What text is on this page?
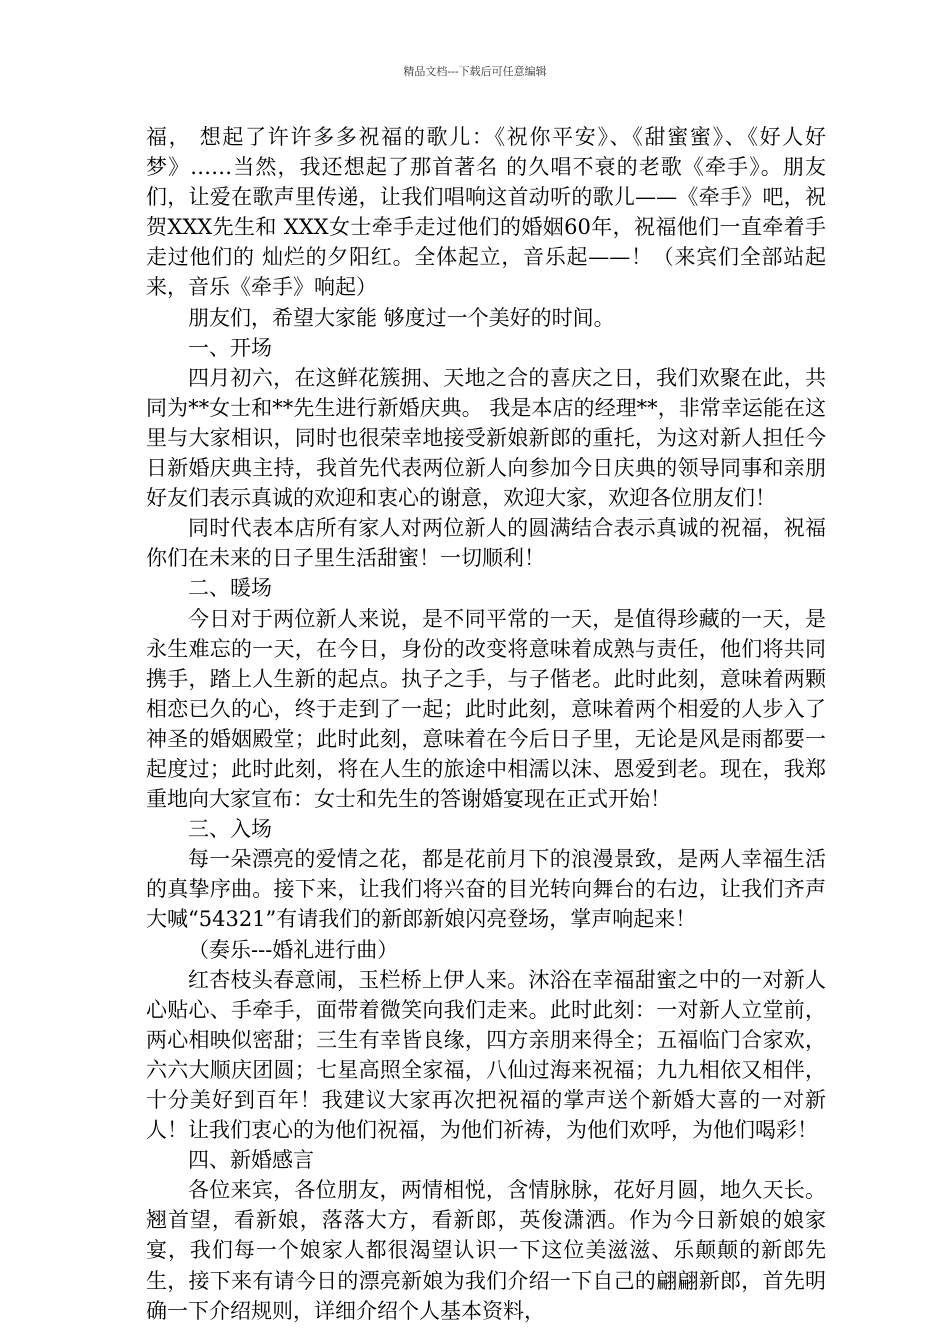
精品文档---下载后可任意编辑

福， 想起了许许多多祝福的歌儿：《祝你平安》、《甜蜜蜜》、《好人好梦》……当然，我还想起了那首著名 的久唱不衰的老歌《牵手》。朋友们，让爱在歌声里传递，让我们唱响这首动听的歌儿——《牵手》吧，祝贺XXX先生和 XXX女士牵手走过他们的婚姻60年，祝福他们一直牵着手走过他们的 灿烂的夕阳红。全体起立，音乐起——！（来宾们全部站起来，音乐《牵手》响起）

朋友们，希望大家能 够度过一个美好的时间。

一、开场

四月初六，在这鲜花簇拥、天地之合的喜庆之日，我们欢聚在此，共同为**女士和**先生进行新婚庆典。 我是本店的经理**，非常幸运能在这里与大家相识，同时也很荣幸地接受新娘新郎的重托，为这对新人担任今日新婚庆典主持，我首先代表两位新人向参加今日庆典的领导同事和亲朋好友们表示真诚的欢迎和衷心的谢意，欢迎大家，欢迎各位朋友们！

同时代表本店所有家人对两位新人的圆满结合表示真诚的祝福，祝福你们在未来的日子里生活甜蜜！一切顺利！

二、暖场

今日对于两位新人来说，是不同平常的一天，是值得珍藏的一天，是永生难忘的一天，在今日，身份的改变将意味着成熟与责任，他们将共同携手，踏上人生新的起点。执子之手，与子偕老。此时此刻，意味着两颗相恋已久的心，终于走到了一起；此时此刻，意味着两个相爱的人步入了神圣的婚姻殿堂；此时此刻，意味着在今后日子里，无论是风是雨都要一起度过；此时此刻，将在人生的旅途中相濡以沫、恩爱到老。现在，我郑重地向大家宣布：女士和先生的答谢婚宴现在正式开始！

三、入场

每一朵漂亮的爱情之花，都是花前月下的浪漫景致，是两人幸福生活的真挚序曲。接下来，让我们将兴奋的目光转向舞台的右边，让我们齐声大喊“54321”有请我们的新郎新娘闪亮登场，掌声响起来！

（奏乐---婚礼进行曲）

红杏枝头春意闹，玉栏桥上伊人来。沐浴在幸福甜蜜之中的一对新人心贴心、手牵手，面带着微笑向我们走来。此时此刻：一对新人立堂前，两心相映似密甜；三生有幸皆良缘，四方亲朋来得全；五福临门合家欢，六六大顺庆团圆；七星高照全家福，八仙过海来祝福；九九相依又相伴，十分美好到百年！我建议大家再次把祝福的掌声送个新婚大喜的一对新人！让我们衷心的为他们祝福，为他们祈祷，为他们欢呼，为他们喝彩！

四、新婚感言

各位来宾，各位朋友，两情相悦，含情脉脉，花好月圆，地久天长。翘首望，看新娘，落落大方，看新郎，英俊潇洒。作为今日新娘的娘家宴，我们每一个娘家人都很渴望认识一下这位美滋滋、乐颠颠的新郎先生，接下来有请今日的漂亮新娘为我们介绍一下自己的翩翩新郎，首先明确一下介绍规则，详细介绍个人基本资料，
